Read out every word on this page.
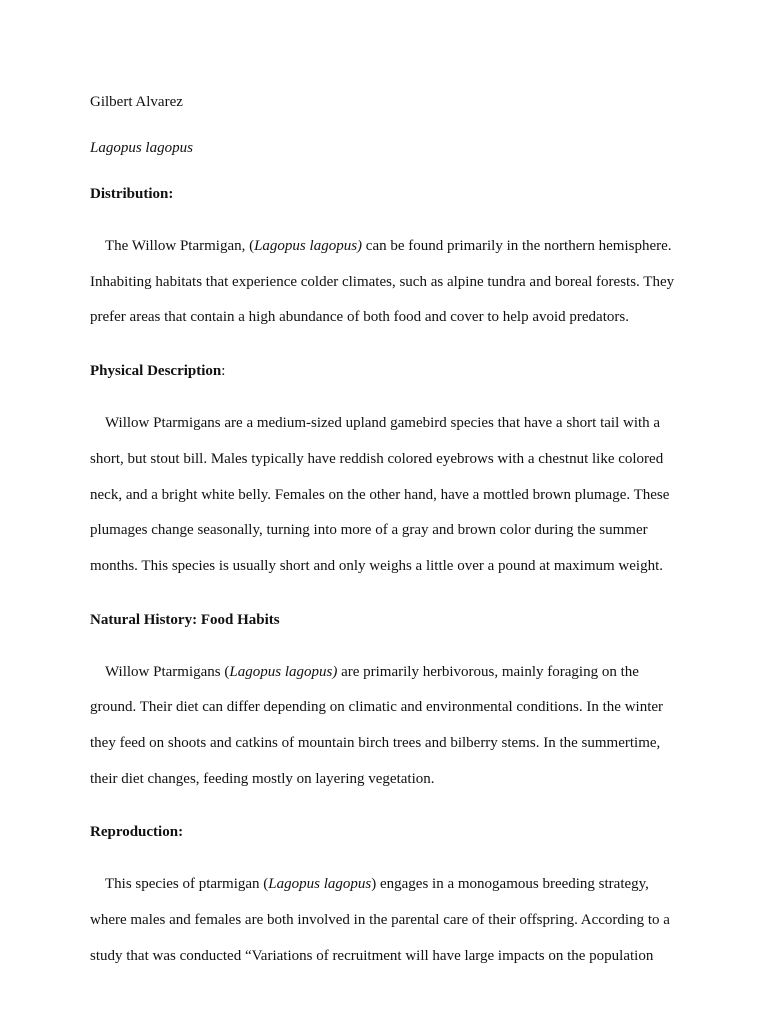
Gilbert Alvarez

Lagopus lagopus

Distribution:

The Willow Ptarmigan, (Lagopus lagopus) can be found primarily in the northern hemisphere.

Inhabiting habitats that experience colder climates, such as alpine tundra and boreal forests. They

prefer areas that contain a high abundance of both food and cover to help avoid predators.

Physical Description:

Willow Ptarmigans are a medium-sized upland gamebird species that have a short tail with a

short, but stout bill. Males typically have reddish colored eyebrows with a chestnut like colored

neck, and a bright white belly. Females on the other hand, have a mottled brown plumage. These

plumages change seasonally, turning into more of a gray and brown color during the summer

months. This species is usually short and only weighs a little over a pound at maximum weight.

Natural History: Food Habits

Willow Ptarmigans (Lagopus lagopus) are primarily herbivorous, mainly foraging on the

ground. Their diet can differ depending on climatic and environmental conditions. In the winter

they feed on shoots and catkins of mountain birch trees and bilberry stems. In the summertime,

their diet changes, feeding mostly on layering vegetation.

Reproduction:

This species of ptarmigan (Lagopus lagopus) engages in a monogamous breeding strategy,

where males and females are both involved in the parental care of their offspring. According to a

study that was conducted “Variations of recruitment will have large impacts on the population
